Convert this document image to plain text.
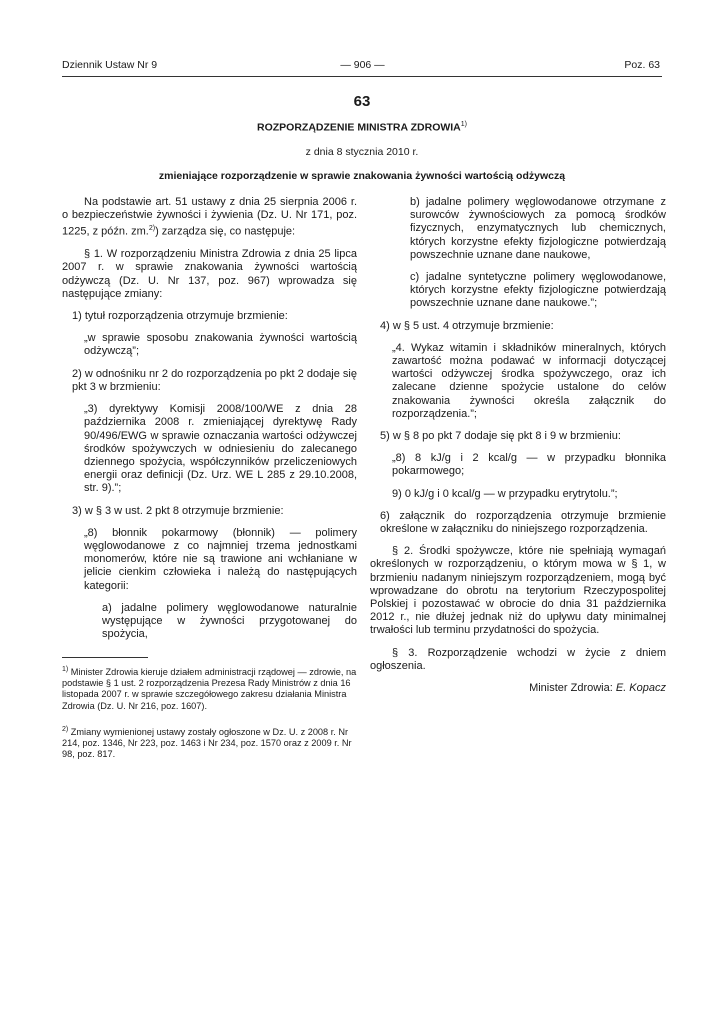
Dziennik Ustaw Nr 9	— 906 —	Poz. 63
63
ROZPORZĄDZENIE MINISTRA ZDROWIA$^{1)}$
z dnia 8 stycznia 2010 r.
zmieniające rozporządzenie w sprawie znakowania żywności wartością odżywczą

Na podstawie art. 51 ustawy z dnia 25 sierpnia 2006 r. o bezpieczeństwie żywności i żywienia (Dz. U. Nr 171, poz. 1225, z późn. zm.$^{2)}$) zarządza się, co następuje:

§ 1. W rozporządzeniu Ministra Zdrowia z dnia 25 lipca 2007 r. w sprawie znakowania żywności wartością odżywczą (Dz. U. Nr 137, poz. 967) wprowadza się następujące zmiany:

1) tytuł rozporządzenia otrzymuje brzmienie:

„w sprawie sposobu znakowania żywności wartością odżywczą”;

2) w odnośniku nr 2 do rozporządzenia po pkt 2 dodaje się pkt 3 w brzmieniu:

„3) dyrektywy Komisji 2008/100/WE z dnia 28 października 2008 r. zmieniającej dyrektywę Rady 90/496/EWG w sprawie oznaczania wartości odżywczej środków spożywczych w odniesieniu do zalecanego dziennego spożycia, współczynników przeliczeniowych energii oraz definicji (Dz. Urz. WE L 285 z 29.10.2008, str. 9).”;

3) w § 3 w ust. 2 pkt 8 otrzymuje brzmienie:

„8) błonnik pokarmowy (błonnik) — polimery węglowodanowe z co najmniej trzema jednostkami monomerów, które nie są trawione ani wchłaniane w jelicie cienkim człowieka i należą do następujących kategorii:

a) jadalne polimery węglowodanowe naturalnie występujące w żywności przygotowanej do spożycia,

$^{1)}$ Minister Zdrowia kieruje działem administracji rządowej — zdrowie, na podstawie § 1 ust. 2 rozporządzenia Prezesa Rady Ministrów z dnia 16 listopada 2007 r. w sprawie szczegółowego zakresu działania Ministra Zdrowia (Dz. U. Nr 216, poz. 1607).
$^{2)}$ Zmiany wymienionej ustawy zostały ogłoszone w Dz. U. z 2008 r. Nr 214, poz. 1346, Nr 223, poz. 1463 i Nr 234, poz. 1570 oraz z 2009 r. Nr 98, poz. 817.

b) jadalne polimery węglowodanowe otrzymane z surowców żywnościowych za pomocą środków fizycznych, enzymatycznych lub chemicznych, których korzystne efekty fizjologiczne potwierdzają powszechnie uznane dane naukowe,

c) jadalne syntetyczne polimery węglowodanowe, których korzystne efekty fizjologiczne potwierdzają powszechnie uznane dane naukowe.”;

4) w § 5 ust. 4 otrzymuje brzmienie:

„4. Wykaz witamin i składników mineralnych, których zawartość można podawać w informacji dotyczącej wartości odżywczej środka spożywczego, oraz ich zalecane dzienne spożycie ustalone do celów znakowania żywności określa załącznik do rozporządzenia.”;

5) w § 8 po pkt 7 dodaje się pkt 8 i 9 w brzmieniu:

„8) 8 kJ/g i 2 kcal/g — w przypadku błonnika pokarmowego;

9) 0 kJ/g i 0 kcal/g — w przypadku erytrytolu.”;

6) załącznik do rozporządzenia otrzymuje brzmienie określone w załączniku do niniejszego rozporządzenia.

§ 2. Środki spożywcze, które nie spełniają wymagań określonych w rozporządzeniu, o którym mowa w § 1, w brzmieniu nadanym niniejszym rozporządzeniem, mogą być wprowadzane do obrotu na terytorium Rzeczypospolitej Polskiej i pozostawać w obrocie do dnia 31 października 2012 r., nie dłużej jednak niż do upływu daty minimalnej trwałości lub terminu przydatności do spożycia.

§ 3. Rozporządzenie wchodzi w życie z dniem ogłoszenia.

Minister Zdrowia: E. Kopacz
